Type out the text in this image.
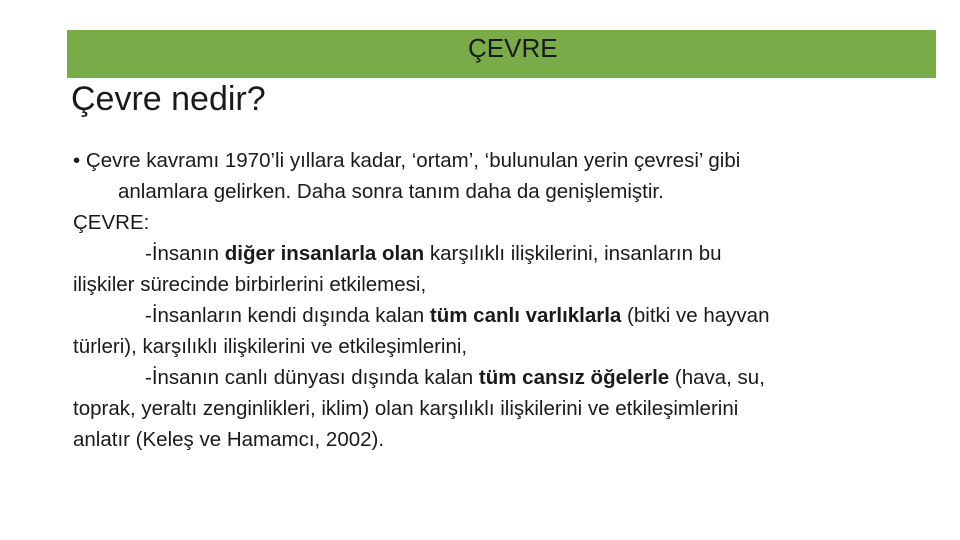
ÇEVRE
Çevre nedir?
• Çevre kavramı 1970’li yıllara kadar, ‘ortam’, ‘bulunulan yerin çevresi’ gibi
anlamlara gelirken. Daha sonra tanım daha da genişlemiştir.
ÇEVRE:
-İnsanın diğer insanlarla olan karşılıklı ilişkilerini, insanların bu
ilişkiler sürecinde birbirlerini etkilemesi,
-İnsanların kendi dışında kalan tüm canlı varlıklarla (bitki ve hayvan
türleri), karşılıklı ilişkilerini ve etkileşimlerini,
-İnsanın canlı dünyası dışında kalan tüm cansız öğelerle (hava, su,
toprak, yeraltı zenginlikleri, iklim) olan karşılıklı ilişkilerini ve etkileşimlerini
anlatır (Keleş ve Hamamcı, 2002).
